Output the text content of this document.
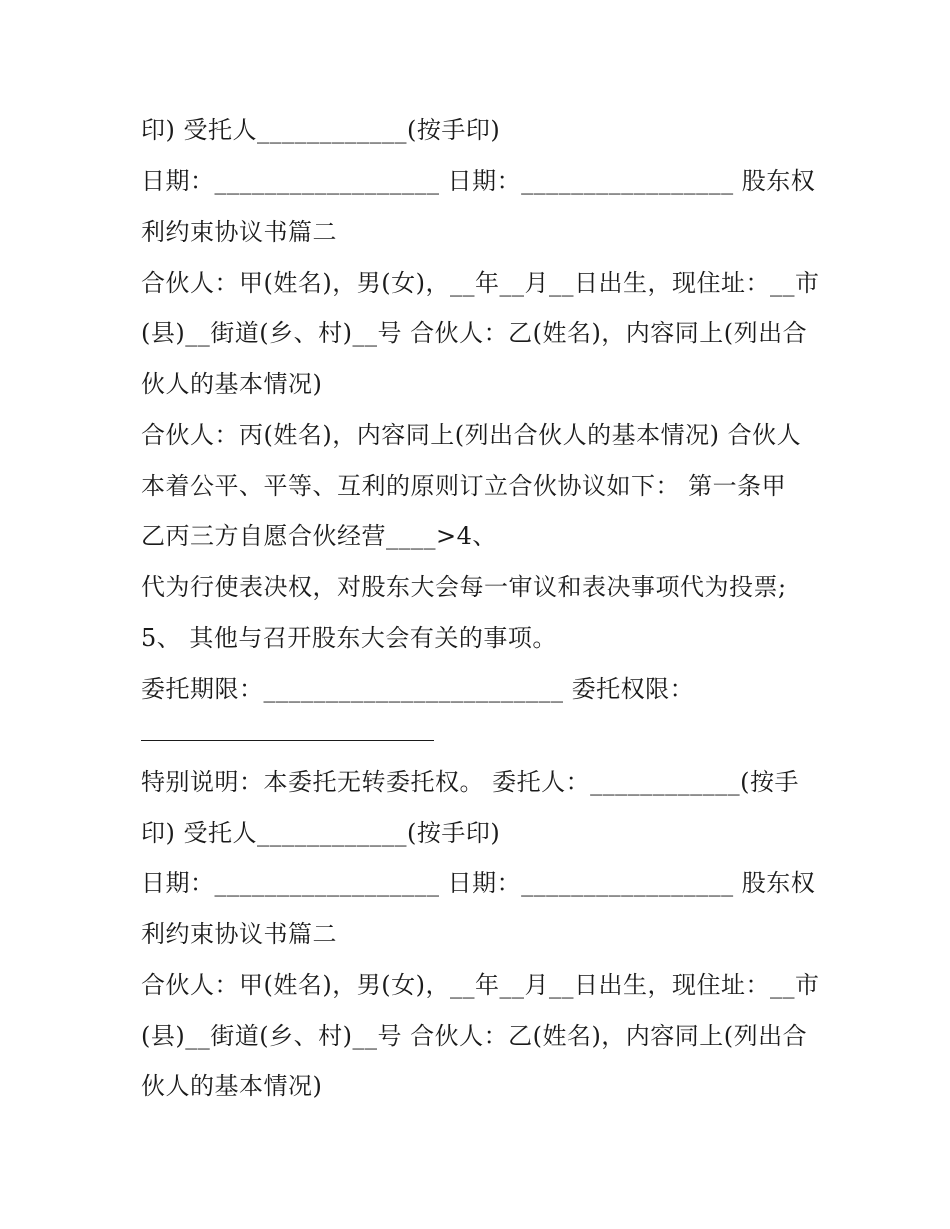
印) 受托人____________(按手印)
日期：__________________ 日期：_________________ 股东权
利约束协议书篇二
合伙人：甲(姓名)，男(女)，__年__月__日出生，现住址：__市
(县)__街道(乡、村)__号 合伙人：乙(姓名)，内容同上(列出合
伙人的基本情况)
合伙人：丙(姓名)，内容同上(列出合伙人的基本情况) 合伙人
本着公平、平等、互利的原则订立合伙协议如下： 第一条甲
乙丙三方自愿合伙经营____>4、
代为行使表决权，对股东大会每一审议和表决事项代为投票;
5、 其他与召开股东大会有关的事项。
委托期限：________________________ 委托权限：
特别说明：本委托无转委托权。 委托人：____________(按手
印) 受托人____________(按手印)
日期：__________________ 日期：_________________ 股东权
利约束协议书篇二
合伙人：甲(姓名)，男(女)，__年__月__日出生，现住址：__市
(县)__街道(乡、村)__号 合伙人：乙(姓名)，内容同上(列出合
伙人的基本情况)
